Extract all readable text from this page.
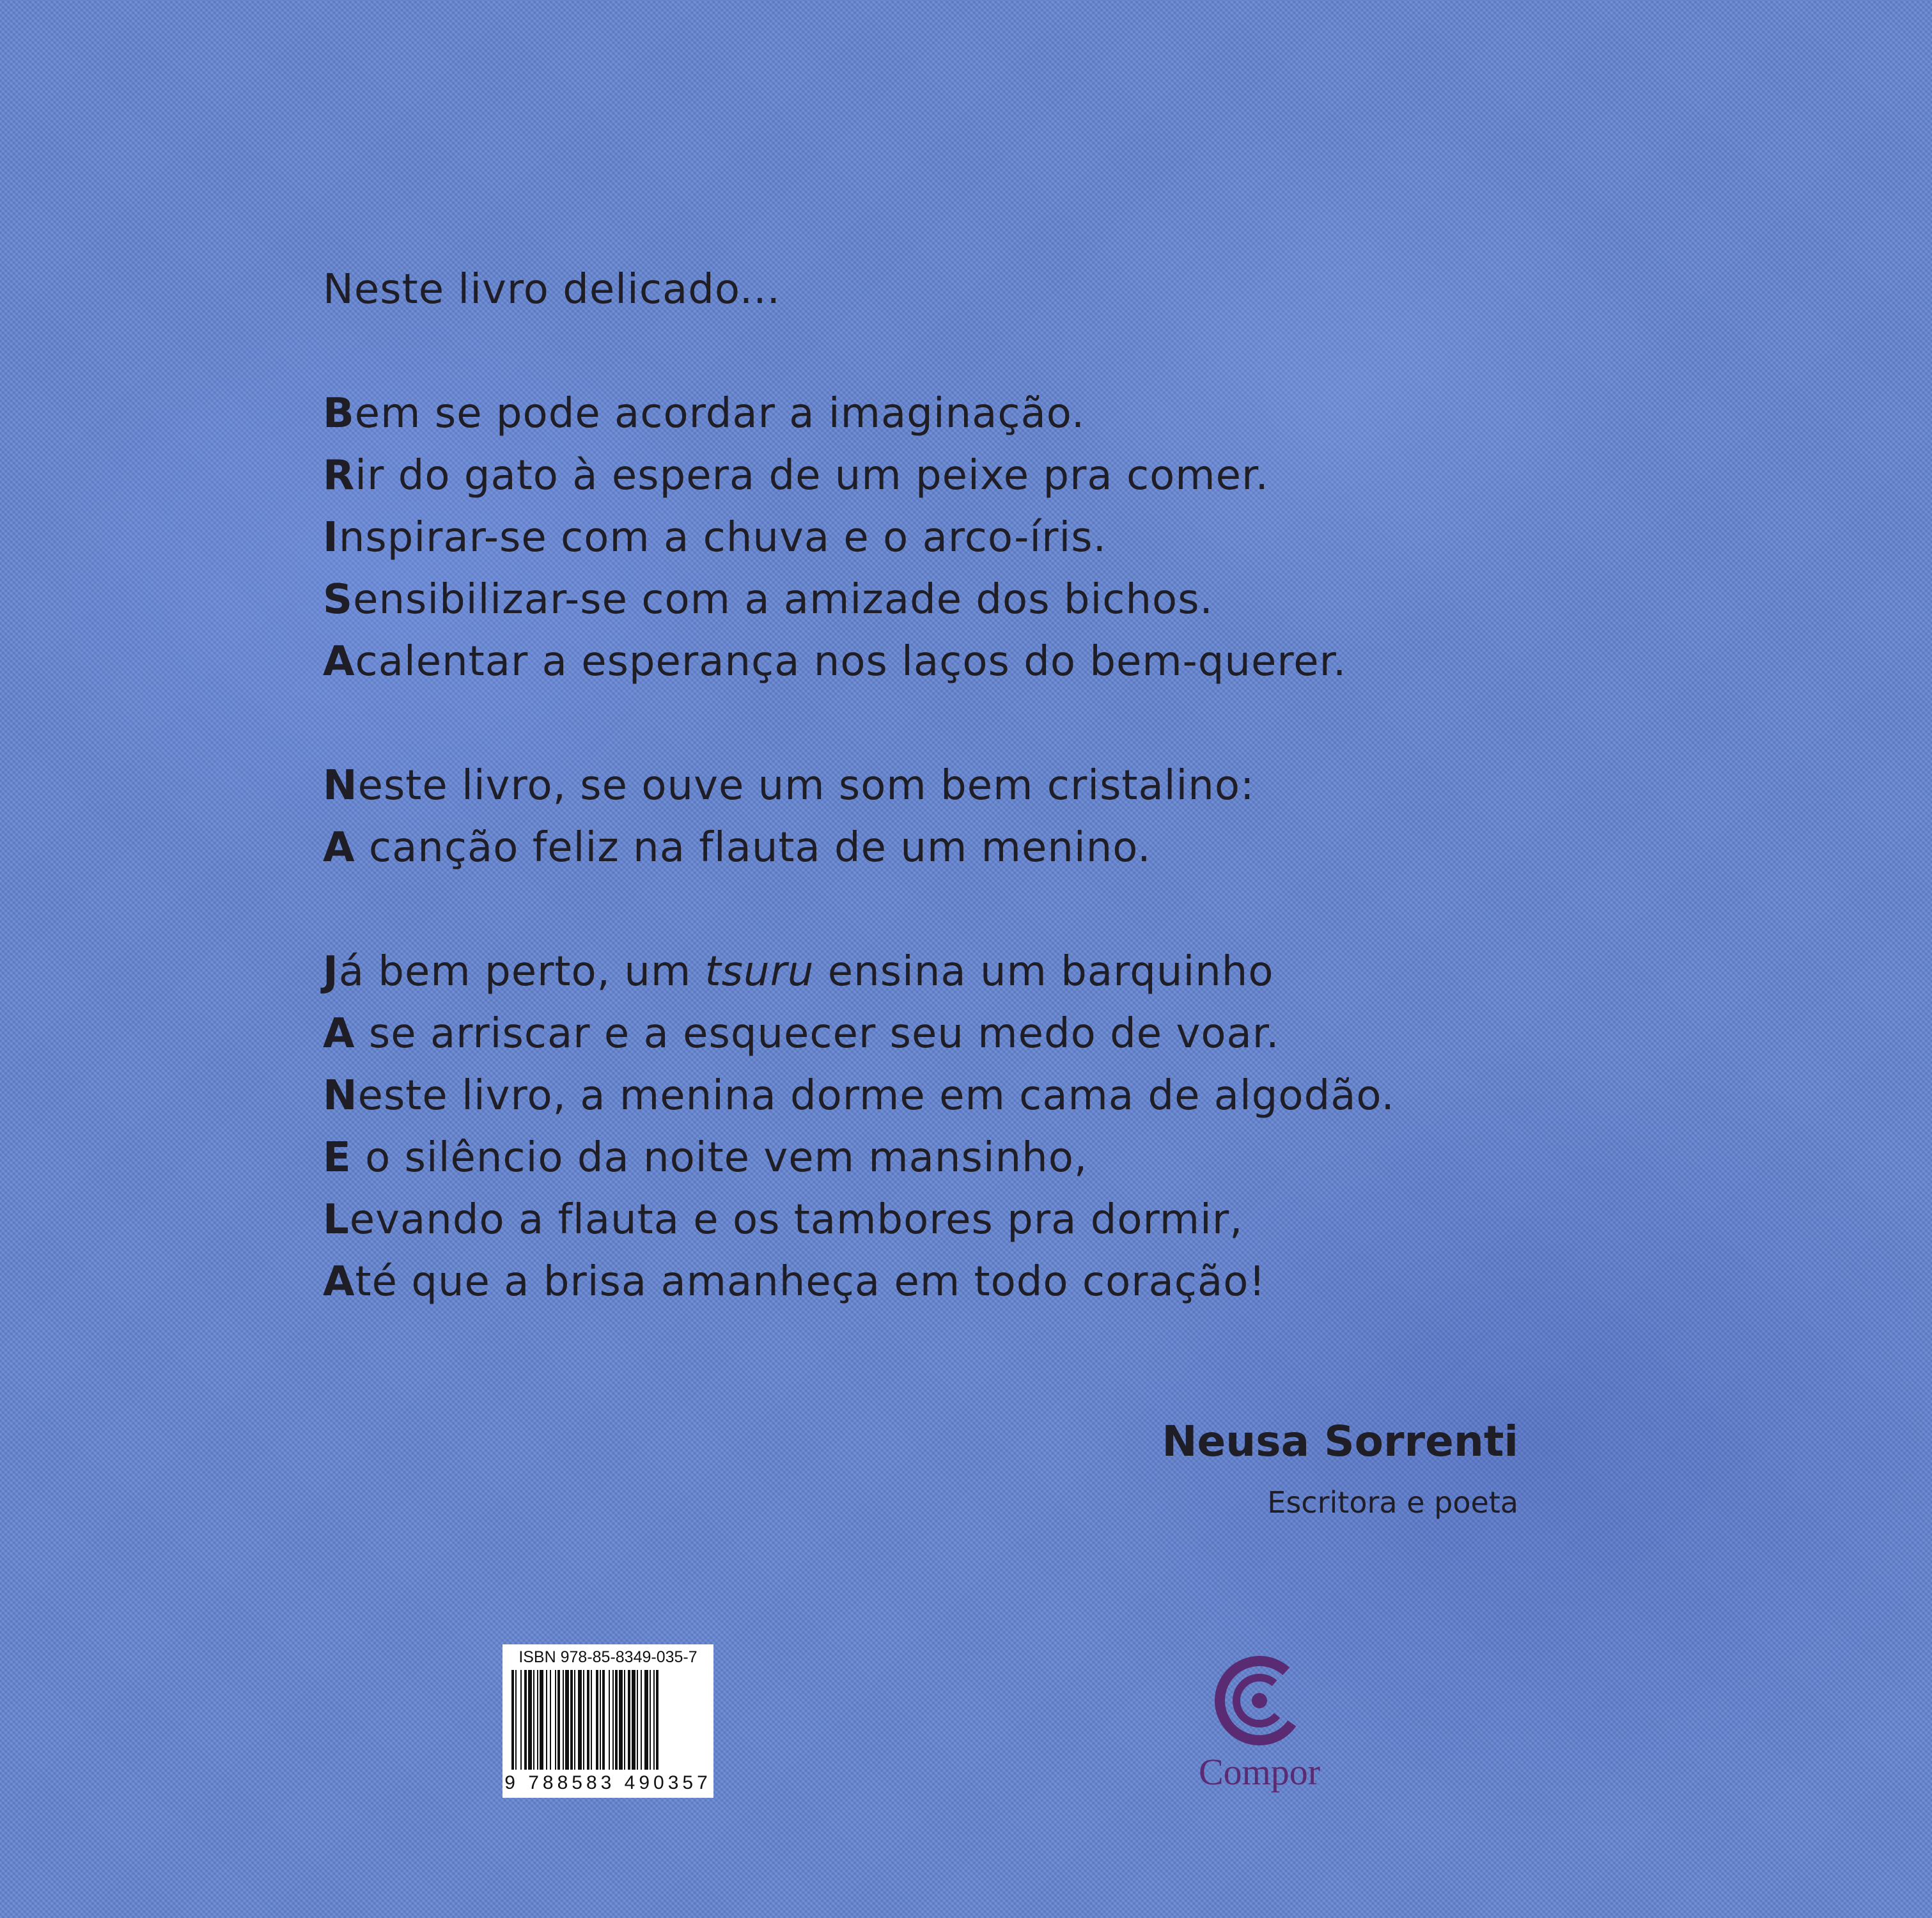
Neste livro delicado...
Bem se pode acordar a imaginação.
Rir do gato à espera de um peixe pra comer.
Inspirar-se com a chuva e o arco-íris.
Sensibilizar-se com a amizade dos bichos.
Acalentar a esperança nos laços do bem-querer.
Neste livro, se ouve um som bem cristalino:
A canção feliz na flauta de um menino.
Já bem perto, um tsuru ensina um barquinho
A se arriscar e a esquecer seu medo de voar.
Neste livro, a menina dorme em cama de algodão.
E o silêncio da noite vem mansinho,
Levando a flauta e os tambores pra dormir,
Até que a brisa amanheça em todo coração!
Neusa Sorrenti
Escritora e poeta
ISBN 978-85-8349-035-7
9 788583 490357	Compor
